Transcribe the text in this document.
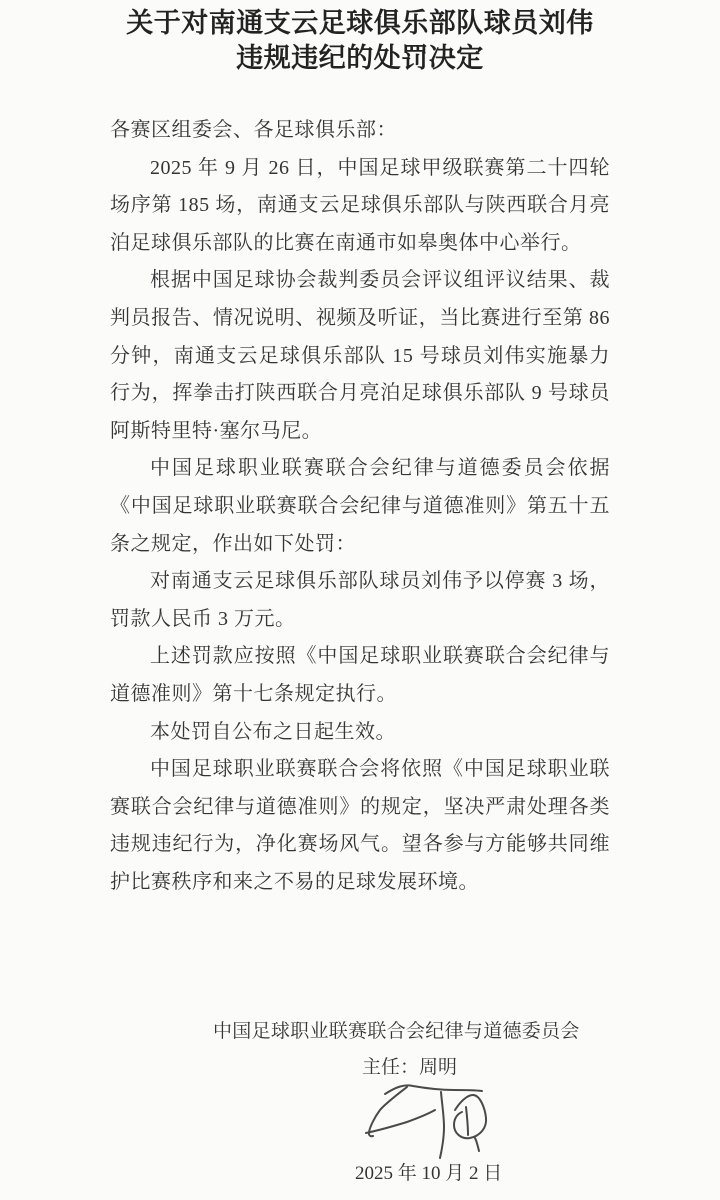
关于对南通支云足球俱乐部队球员刘伟
违规违纪的处罚决定

各赛区组委会、各足球俱乐部：

2025 年 9 月 26 日，中国足球甲级联赛第二十四轮场序第 185 场，南通支云足球俱乐部队与陕西联合月亮泊足球俱乐部队的比赛在南通市如皋奥体中心举行。

根据中国足球协会裁判委员会评议组评议结果、裁判员报告、情况说明、视频及听证，当比赛进行至第 86 分钟，南通支云足球俱乐部队 15 号球员刘伟实施暴力行为，挥拳击打陕西联合月亮泊足球俱乐部队 9 号球员阿斯特里特·塞尔马尼。

中国足球职业联赛联合会纪律与道德委员会依据《中国足球职业联赛联合会纪律与道德准则》第五十五条之规定，作出如下处罚：

对南通支云足球俱乐部队球员刘伟予以停赛 3 场，罚款人民币 3 万元。

上述罚款应按照《中国足球职业联赛联合会纪律与道德准则》第十七条规定执行。

本处罚自公布之日起生效。

中国足球职业联赛联合会将依照《中国足球职业联赛联合会纪律与道德准则》的规定，坚决严肃处理各类违规违纪行为，净化赛场风气。望各参与方能够共同维护比赛秩序和来之不易的足球发展环境。

中国足球职业联赛联合会纪律与道德委员会
主任：周明
2025 年 10 月 2 日
